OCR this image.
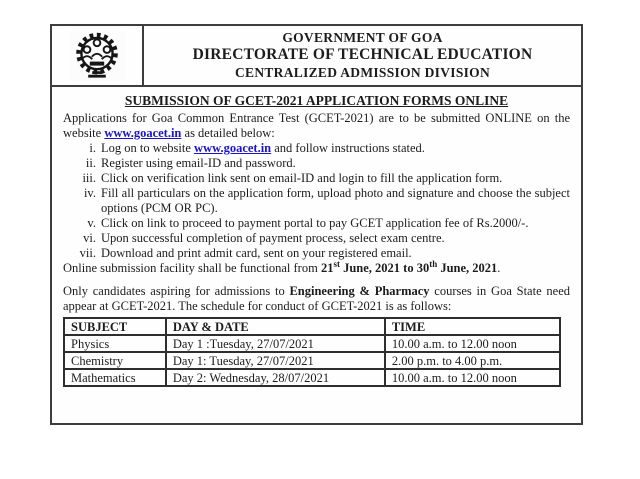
GOVERNMENT OF GOA
DIRECTORATE OF TECHNICAL EDUCATION
CENTRALIZED ADMISSION DIVISION
SUBMISSION OF GCET-2021 APPLICATION FORMS ONLINE

Applications for Goa Common Entrance Test (GCET-2021) are to be submitted ONLINE on the website www.goacet.in as detailed below:

i. Log on to website www.goacet.in and follow instructions stated.
ii. Register using email-ID and password.
iii. Click on verification link sent on email-ID and login to fill the application form.
iv. Fill all particulars on the application form, upload photo and signature and choose the subject options (PCM OR PC).
v. Click on link to proceed to payment portal to pay GCET application fee of Rs.2000/-.
vi. Upon successful completion of payment process, select exam centre.
vii. Download and print admit card, sent on your registered email.

Online submission facility shall be functional from 21st June, 2021 to 30th June, 2021.

Only candidates aspiring for admissions to Engineering & Pharmacy courses in Goa State need appear at GCET-2021. The schedule for conduct of GCET-2021 is as follows:

SUBJECT	DAY & DATE	TIME
Physics	Day 1 :Tuesday, 27/07/2021	10.00 a.m. to 12.00 noon
Chemistry	Day 1: Tuesday, 27/07/2021	2.00 p.m. to 4.00 p.m.
Mathematics	Day 2: Wednesday, 28/07/2021	10.00 a.m. to 12.00 noon
